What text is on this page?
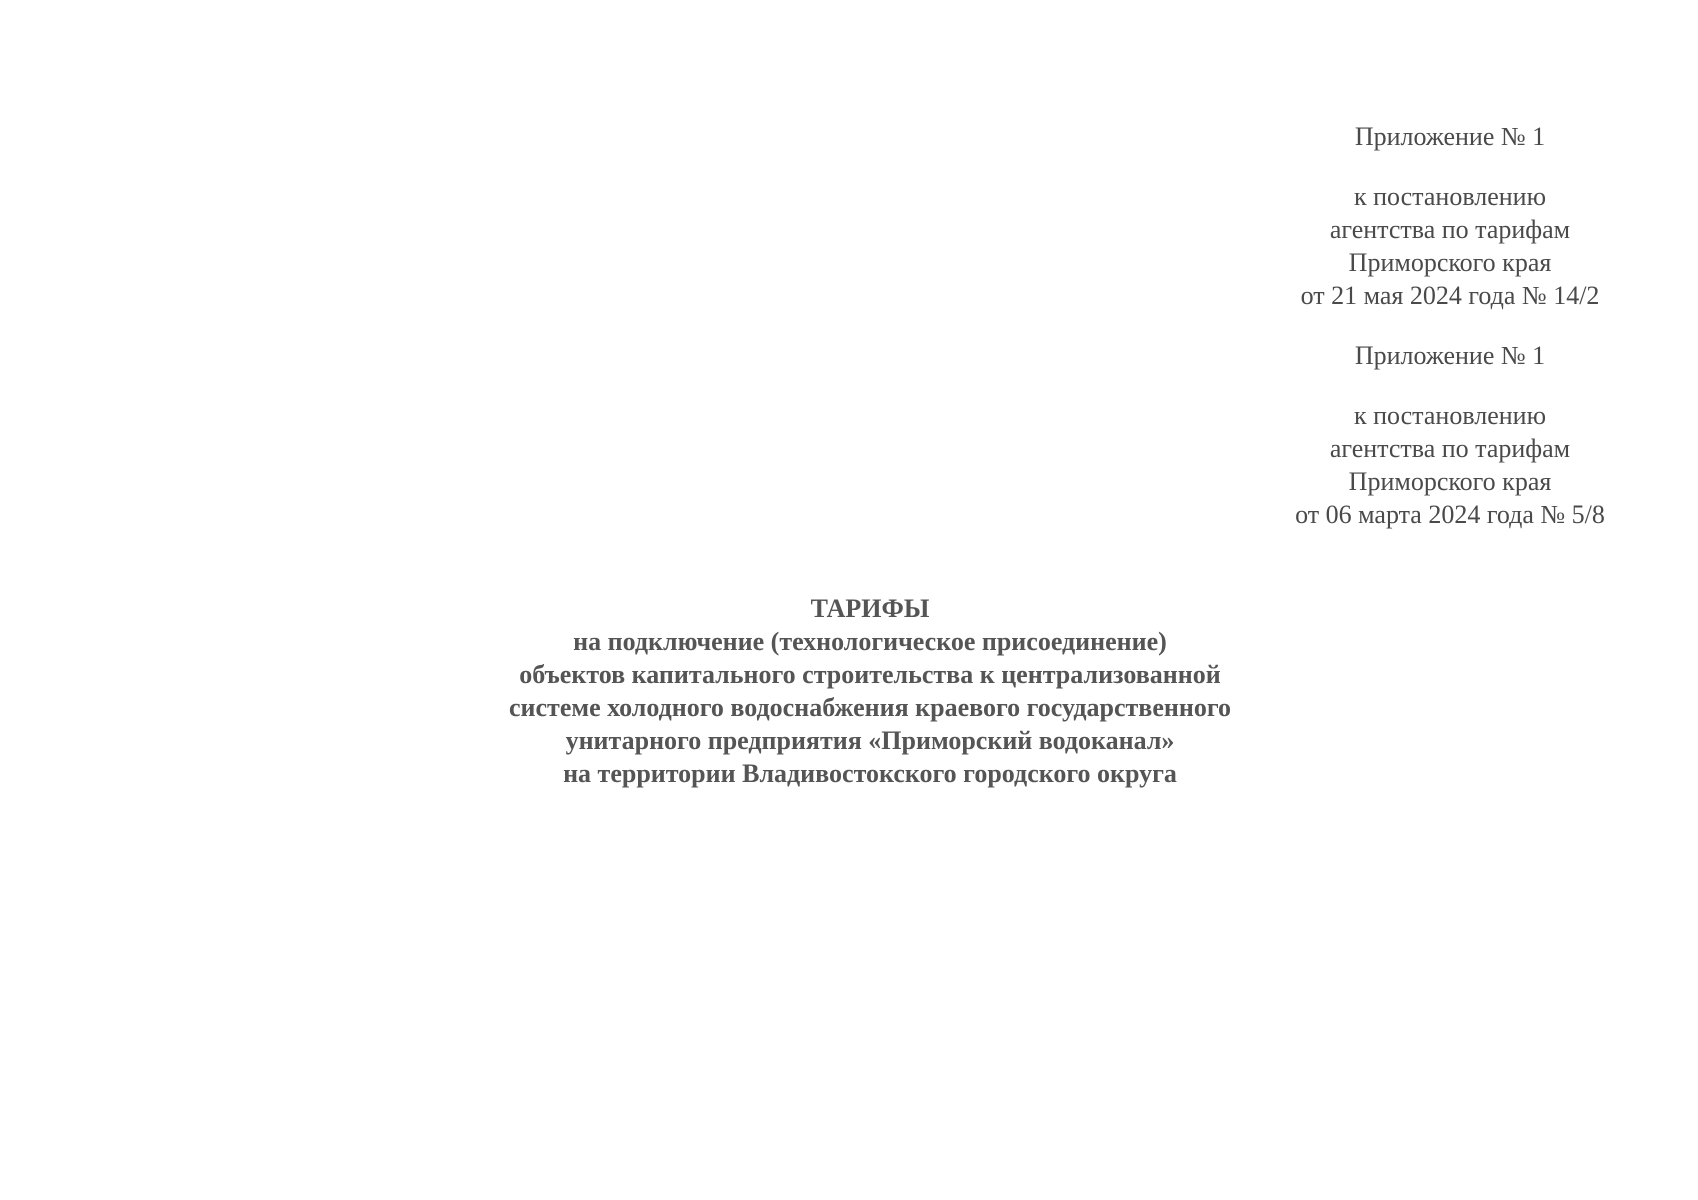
Приложение № 1

к постановлению

агентства по тарифам

Приморского края

от 21 мая 2024 года № 14/2

Приложение № 1

к постановлению

агентства по тарифам

Приморского края

от 06 марта 2024 года № 5/8

ТАРИФЫ

на подключение (технологическое присоединение)

объектов капитального строительства к централизованной

системе холодного водоснабжения краевого государственного

унитарного предприятия «Приморский водоканал»

на территории Владивостокского городского округа
